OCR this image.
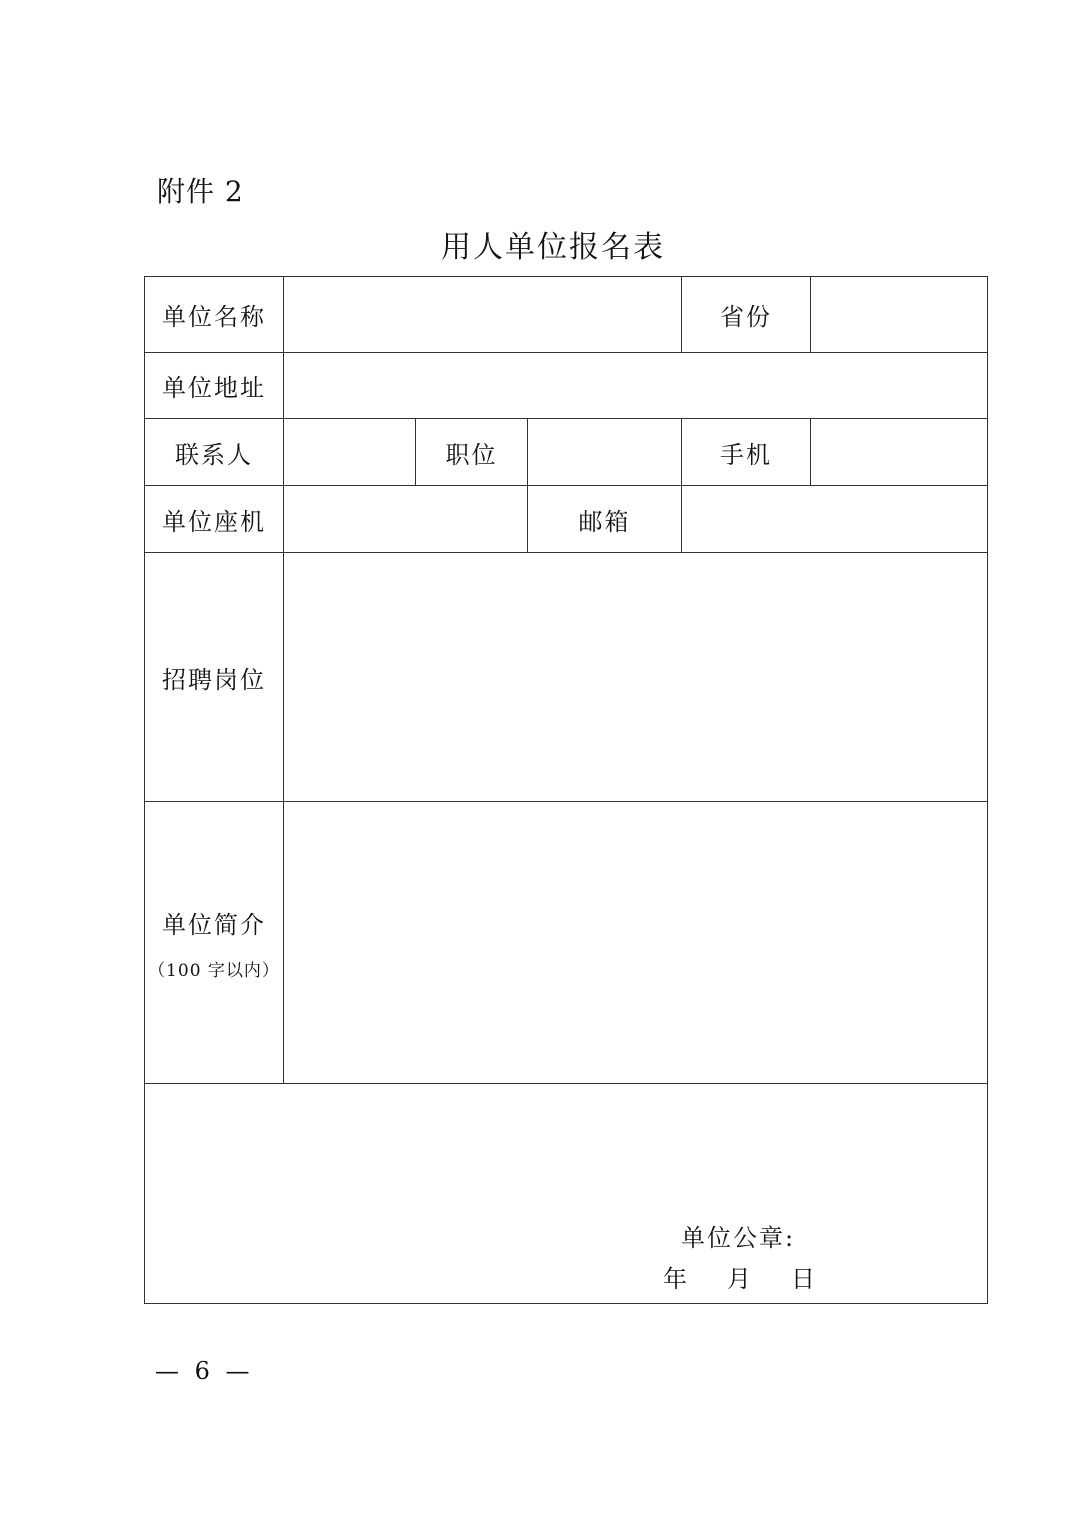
附件 2
用人单位报名表
单位名称	省份
单位地址
联系人	职位	手机
单位座机	邮箱
招聘岗位
单位简介
（100 字以内）
单位公章:
年 月 日
— 6 —
